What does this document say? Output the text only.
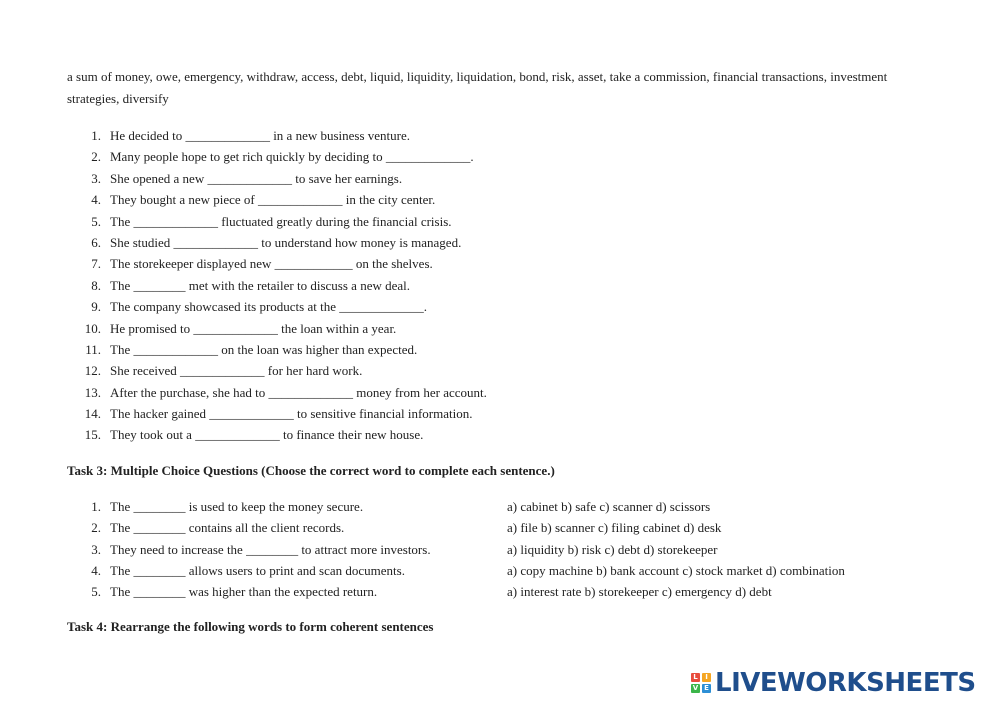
a sum of money, owe, emergency, withdraw, access, debt, liquid, liquidity, liquidation, bond, risk, asset, take a commission, financial transactions, investment strategies, diversify

1. He decided to _____________ in a new business venture.
2. Many people hope to get rich quickly by deciding to _____________.
3. She opened a new _____________ to save her earnings.
4. They bought a new piece of _____________ in the city center.
5. The _____________ fluctuated greatly during the financial crisis.
6. She studied _____________ to understand how money is managed.
7. The storekeeper displayed new ____________ on the shelves.
8. The ________ met with the retailer to discuss a new deal.
9. The company showcased its products at the _____________.
10. He promised to _____________ the loan within a year.
11. The _____________ on the loan was higher than expected.
12. She received _____________ for her hard work.
13. After the purchase, she had to _____________ money from her account.
14. The hacker gained _____________ to sensitive financial information.
15. They took out a _____________ to finance their new house.

Task 3: Multiple Choice Questions (Choose the correct word to complete each sentence.)

1. The ________ is used to keep the money secure.	a) cabinet b) safe c) scanner d) scissors
2. The ________ contains all the client records.	a) file b) scanner c) filing cabinet d) desk
3. They need to increase the ________ to attract more investors.	a) liquidity b) risk c) debt d) storekeeper
4. The ________ allows users to print and scan documents.	a) copy machine b) bank account c) stock market d) combination
5. The ________ was higher than the expected return.	a) interest rate b) storekeeper c) emergency d) debt

Task 4: Rearrange the following words to form coherent sentences

L	I
V E LIVEWORKSHEETS
